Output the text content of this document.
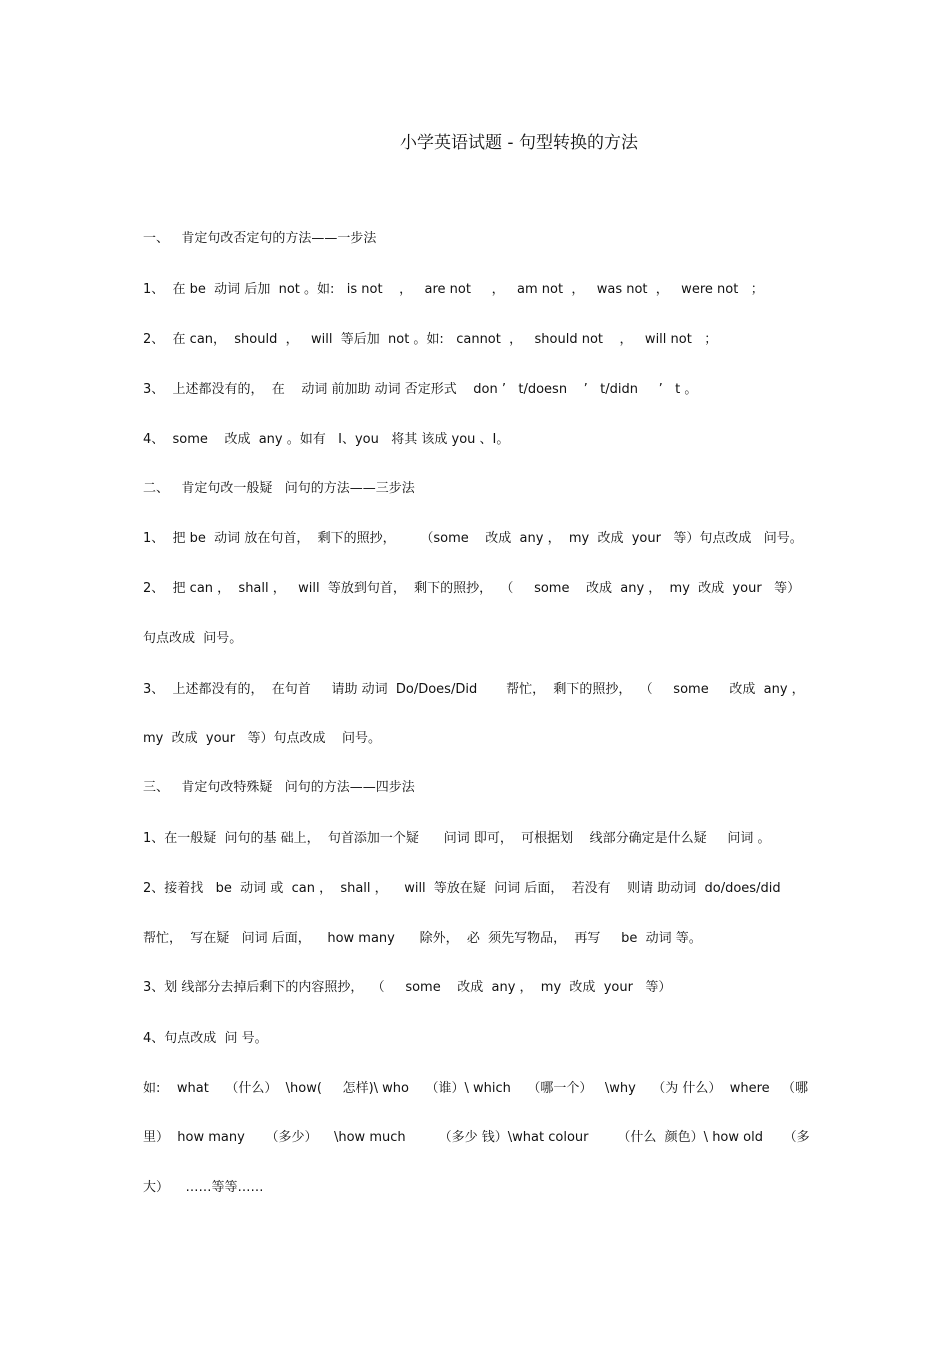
小学英语试题 - 句型转换的方法
一、   肯定句改否定句的方法——一步法
1、  在 be  动词 后加  not 。如:   is not    ，   are not     ，   am not  ，   was not  ，   were not   ；
2、  在 can，  should  ，   will  等后加  not 。如:   cannot  ，   should not    ，   will not   ；
3、  上述都没有的，  在    动词 前加助 动词 否定形式    don ’   t/doesn    ’   t/didn     ’   t 。
4、  some    改成  any 。如有   I、you   将其 该成 you 、I。
二、   肯定句改一般疑   问句的方法——三步法
1、  把 be  动词 放在句首，  剩下的照抄，      （some    改成  any ，  my  改成  your   等）句点改成   问号。
2、  把 can ，  shall ，   will  等放到句首，  剩下的照抄，  （     some    改成  any ，  my  改成  your   等）
句点改成  问号。
3、  上述都没有的，  在句首     请助 动词  Do/Does/Did       帮忙，  剩下的照抄，  （     some     改成  any ，
my  改成  your   等）句点改成    问号。
三、   肯定句改特殊疑   问句的方法——四步法
1、在一般疑  问句的基 础上，  句首添加一个疑      问词 即可，  可根据划    线部分确定是什么疑     问词 。
2、接着找   be  动词 或  can ，  shall ，    will  等放在疑  问词 后面，  若没有    则请 助动词  do/does/did
帮忙，  写在疑   问词 后面，    how many      除外，  必  须先写物品，  再写     be  动词 等。
3、划 线部分去掉后剩下的内容照抄，  （     some    改成  any ，  my  改成  your   等）
4、句点改成  问 号。
如:    what    （什么）  \how(     怎样)\ who    （谁）\ which    （哪一个）   \why    （为 什么）  where   （哪
里）  how many     （多少）    \how much        （多少 钱）\what colour       （什么  颜色）\ how old     （多
大）    ……等等……
